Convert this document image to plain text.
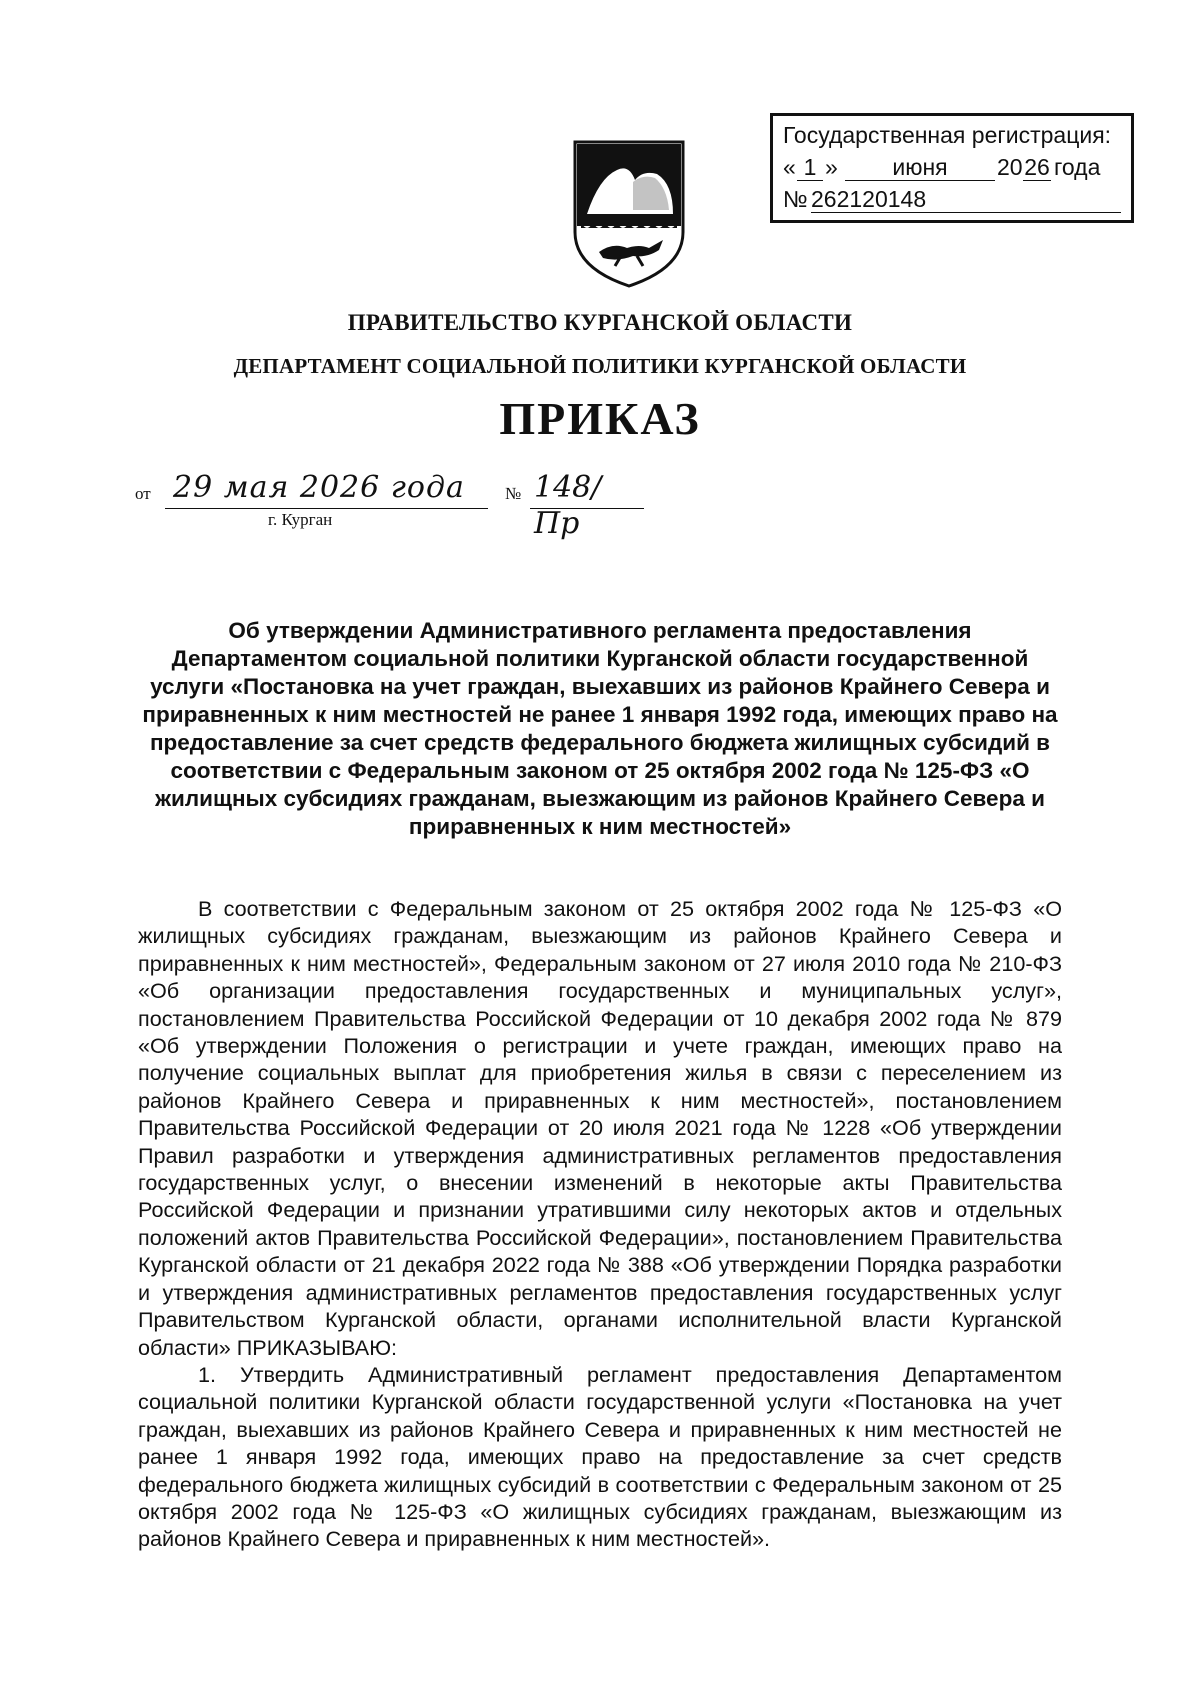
Государственная регистрация:
« 1 »	июня	20 26 года
№ 262120148
ПРАВИТЕЛЬСТВО КУРГАНСКОЙ ОБЛАСТИ
ДЕПАРТАМЕНТ СОЦИАЛЬНОЙ ПОЛИТИКИ КУРГАНСКОЙ ОБЛАСТИ
ПРИКАЗ
от 29 мая 2026 года	№ 148/Пр
г. Курган
Об утверждении Административного регламента предоставления Департаментом социальной политики Курганской области государственной услуги «Постановка на учет граждан, выехавших из районов Крайнего Севера и приравненных к ним местностей не ранее 1 января 1992 года, имеющих право на предоставление за счет средств федерального бюджета жилищных субсидий в соответствии с Федеральным законом от 25 октября 2002 года № 125-ФЗ «О жилищных субсидиях гражданам, выезжающим из районов Крайнего Севера и приравненных к ним местностей»

В соответствии с Федеральным законом от 25 октября 2002 года № 125-ФЗ «О жилищных субсидиях гражданам, выезжающим из районов Крайнего Севера и приравненных к ним местностей», Федеральным законом от 27 июля 2010 года № 210-ФЗ «Об организации предоставления государственных и муниципальных услуг», постановлением Правительства Российской Федерации от 10 декабря 2002 года № 879 «Об утверждении Положения о регистрации и учете граждан, имеющих право на получение социальных выплат для приобретения жилья в связи с переселением из районов Крайнего Севера и приравненных к ним местностей», постановлением Правительства Российской Федерации от 20 июля 2021 года № 1228 «Об утверждении Правил разработки и утверждения административных регламентов предоставления государственных услуг, о внесении изменений в некоторые акты Правительства Российской Федерации и признании утратившими силу некоторых актов и отдельных положений актов Правительства Российской Федерации», постановлением Правительства Курганской области от 21 декабря 2022 года № 388 «Об утверждении Порядка разработки и утверждения административных регламентов предоставления государственных услуг Правительством Курганской области, органами исполнительной власти Курганской области» ПРИКАЗЫВАЮ:

1. Утвердить Административный регламент предоставления Департаментом социальной политики Курганской области государственной услуги «Постановка на учет граждан, выехавших из районов Крайнего Севера и приравненных к ним местностей не ранее 1 января 1992 года, имеющих право на предоставление за счет средств федерального бюджета жилищных субсидий в соответствии с Федеральным законом от 25 октября 2002 года № 125-ФЗ «О жилищных субсидиях гражданам, выезжающим из районов Крайнего Севера и приравненных к ним местностей».
